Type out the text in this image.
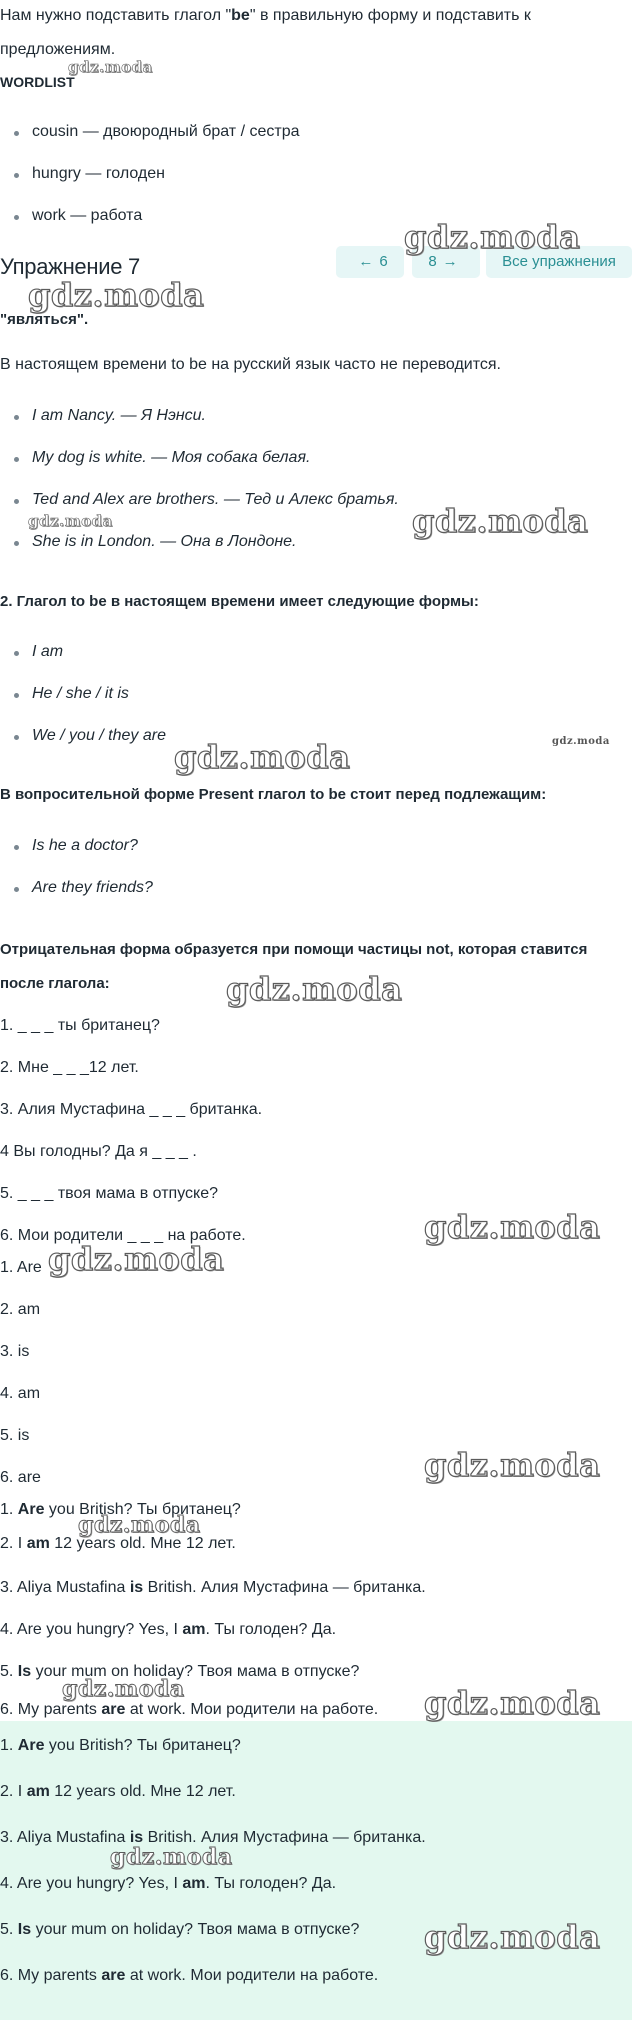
Нам нужно подставить глагол "be" в правильную форму и подставить к

предложениям.

WORDLIST

cousin — двоюродный брат / сестра

hungry — голоден

work — работа

Упражнение 7	← 6	8 →	Все упражнения

"являться".

В настоящем времени to be на русский язык часто не переводится.

I am Nancy. — Я Нэнси.

My dog is white. — Моя собака белая.

Ted and Alex are brothers. — Тед и Алекс братья.

She is in London. — Она в Лондоне.

2. Глагол to be в настоящем времени имеет следующие формы:

I am

He / she / it is

We / you / they are

В вопросительной форме Present глагол to be стоит перед подлежащим:

Is he a doctor?

Are they friends?

Отрицательная форма образуется при помощи частицы not, которая ставится

после глагола:

1. _ _ _ ты британец?

2. Мне _ _ _12 лет.

3. Алия Мустафина _ _ _ британка.

4 Вы голодны? Да я _ _ _ .

5. _ _ _ твоя мама в отпуске?

6. Мои родители _ _ _ на работе.

1. Are

2. am

3. is

4. am

5. is

6. are

1. Are you British? Ты британец?

2. I am 12 years old. Мне 12 лет.

3. Aliya Mustafina is British. Алия Мустафина — британка.

4. Are you hungry? Yes, I am. Ты голоден? Да.

5. Is your mum on holiday? Твоя мама в отпуске?

6. My parents are at work. Мои родители на работе.

1. Are you British? Ты британец?

2. I am 12 years old. Мне 12 лет.

3. Aliya Mustafina is British. Алия Мустафина — британка.

4. Are you hungry? Yes, I am. Ты голоден? Да.

5. Is your mum on holiday? Твоя мама в отпуске?

6. My parents are at work. Мои родители на работе.

gdz.moda
gdz.moda
gdz.moda
gdz.moda	gdz.moda
gdz.moda	gdz.moda
gdz.moda
gdz.moda
gdz.moda
gdz.moda
gdz.moda
gdz.moda	gdz.moda
gdz.moda
gdz.moda
